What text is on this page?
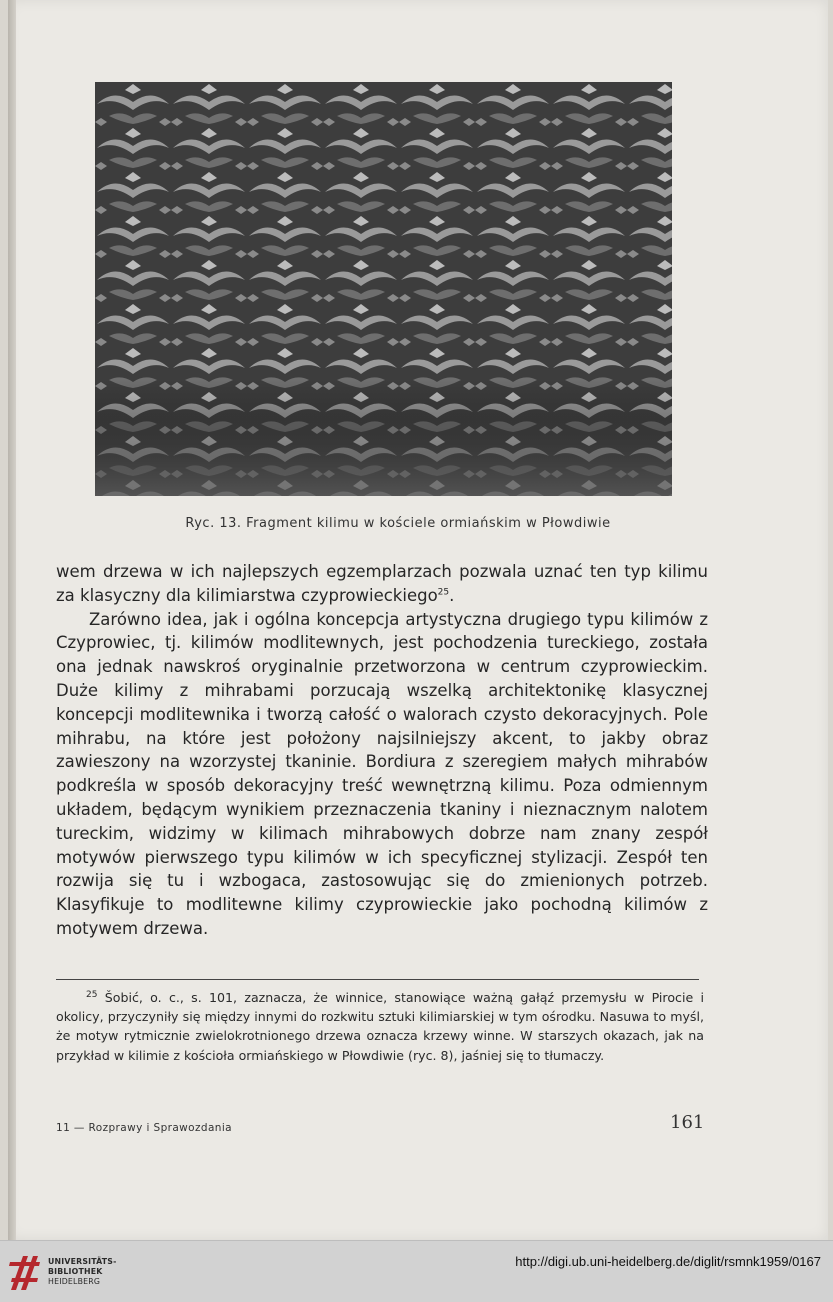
Ryc. 13. Fragment kilimu w kościele ormiańskim w Płowdiwie

wem drzewa w ich najlepszych egzemplarzach pozwala uznać ten typ kilimu za klasyczny dla kilimiarstwa czyprowieckiego$^{25}$.

Zarówno idea, jak i ogólna koncepcja artystyczna drugiego typu kilimów z Czyprowiec, tj. kilimów modlitewnych, jest pochodzenia tureckiego, została ona jednak nawskroś oryginalnie przetworzona w centrum czyprowieckim. Duże kilimy z mihrabami porzucają wszelką architektonikę klasycznej koncepcji modlitewnika i tworzą całość o walorach czysto dekoracyjnych. Pole mihrabu, na które jest położony najsilniejszy akcent, to jakby obraz zawieszony na wzorzystej tkaninie. Bordiura z szeregiem małych mihrabów podkreśla w sposób dekoracyjny treść wewnętrzną kilimu. Poza odmiennym układem, będącym wynikiem przeznaczenia tkaniny i nieznacznym nalotem tureckim, widzimy w kilimach mihrabowych dobrze nam znany zespół motywów pierwszego typu kilimów w ich specyficznej stylizacji. Zespół ten rozwija się tu i wzbogaca, zastosowując się do zmienionych potrzeb. Klasyfikuje to modlitewne kilimy czyprowieckie jako pochodną kilimów z motywem drzewa.

$^{25}$ Šobić, o. c., s. 101, zaznacza, że winnice, stanowiące ważną gałąź przemysłu w Pirocie i okolicy, przyczyniły się między innymi do rozkwitu sztuki kilimiarskiej w tym ośrodku. Nasuwa to myśl, że motyw rytmicznie zwielokrotnionego drzewa oznacza krzewy winne. W starszych okazach, jak na przykład w kilimie z kościoła ormiańskiego w Płowdiwie (ryc. 8), jaśniej się to tłumaczy.

11 — Rozprawy i Sprawozdania	161
UNIVERSITÄTS-
BIBLIOTHEK
HEIDELBERG
http://digi.ub.uni-heidelberg.de/diglit/rsmnk1959/0167
